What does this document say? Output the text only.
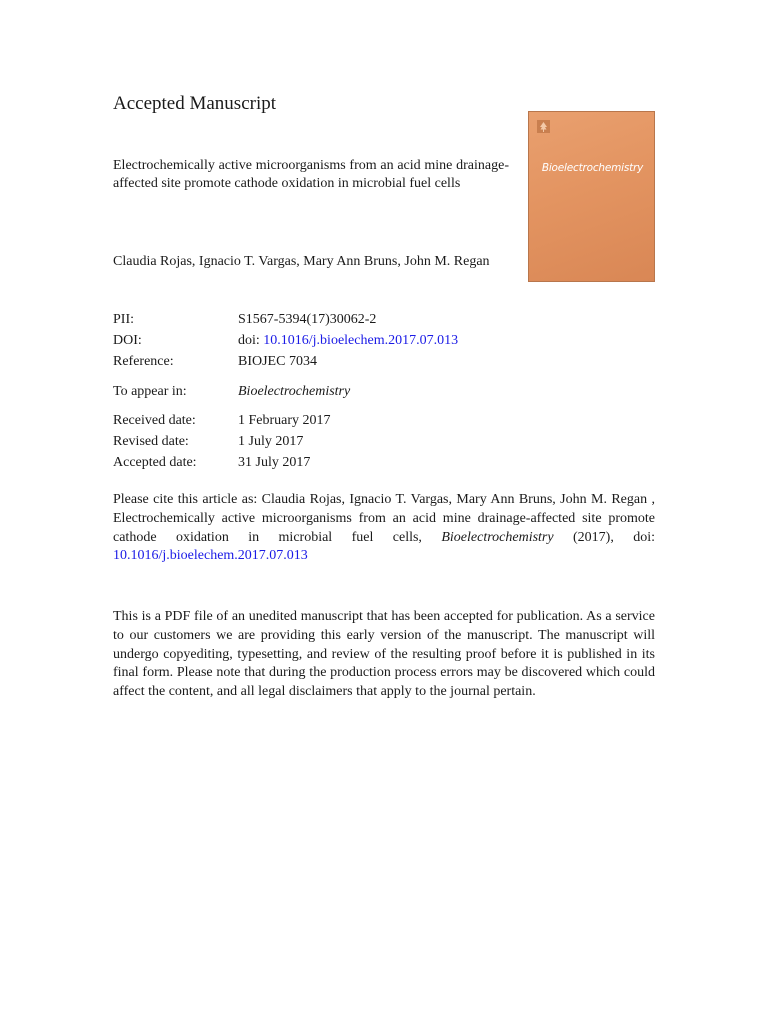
Accepted Manuscript
Electrochemically active microorganisms from an acid mine drainage-affected site promote cathode oxidation in microbial fuel cells

Claudia Rojas, Ignacio T. Vargas, Mary Ann Bruns, John M. Regan

Bioelectrochemistry
PII:	S1567-5394(17)30062-2
DOI:	doi: 10.1016/j.bioelechem.2017.07.013
Reference:	BIOJEC 7034
To appear in:	Bioelectrochemistry
Received date:	1 February 2017
Revised date:	1 July 2017
Accepted date:	31 July 2017

Please cite this article as: Claudia Rojas, Ignacio T. Vargas, Mary Ann Bruns, John M. Regan , Electrochemically active microorganisms from an acid mine drainage-affected site promote cathode oxidation in microbial fuel cells, Bioelectrochemistry (2017), doi: 10.1016/j.bioelechem.2017.07.013

This is a PDF file of an unedited manuscript that has been accepted for publication. As a service to our customers we are providing this early version of the manuscript. The manuscript will undergo copyediting, typesetting, and review of the resulting proof before it is published in its final form. Please note that during the production process errors may be discovered which could affect the content, and all legal disclaimers that apply to the journal pertain.
